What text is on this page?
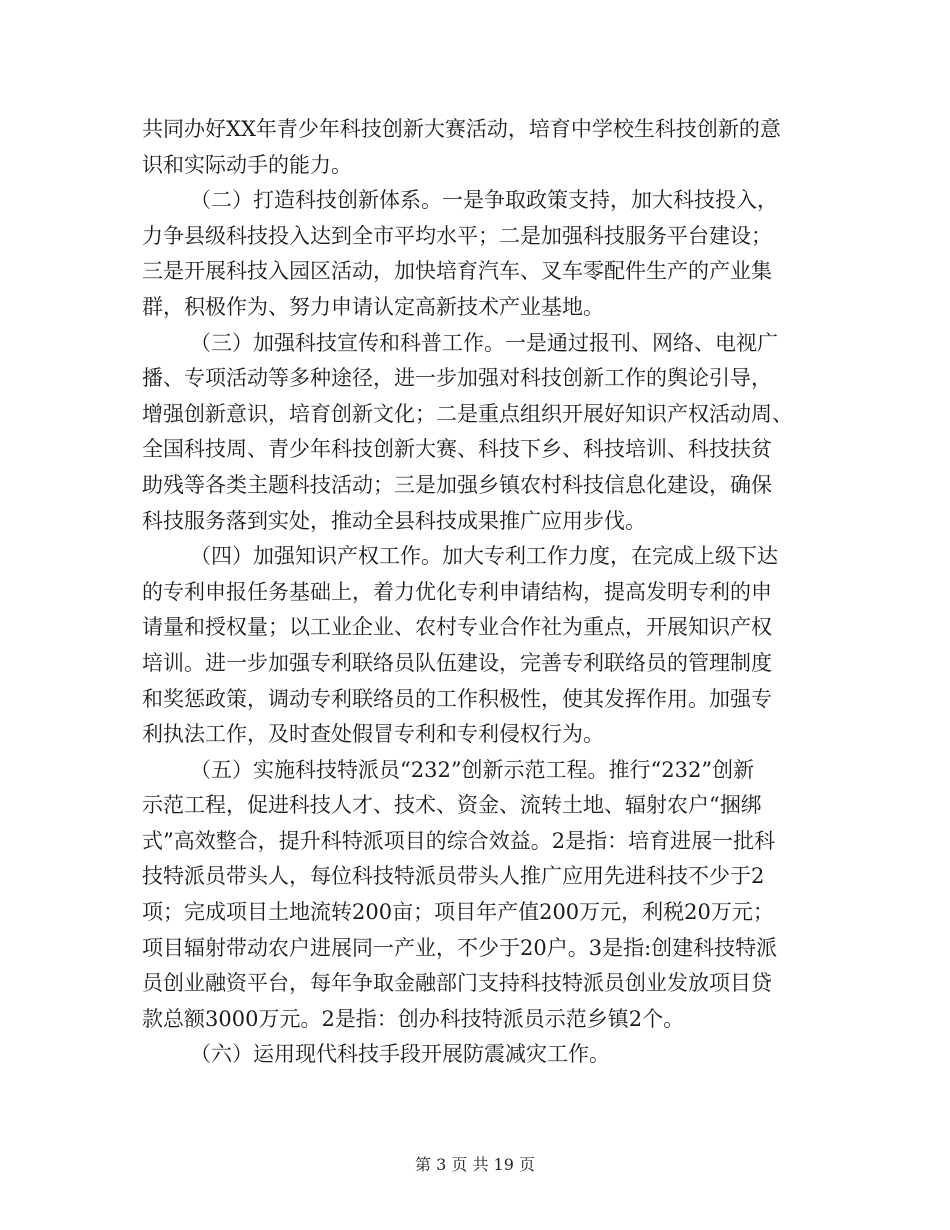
共同办好XX年青少年科技创新大赛活动，培育中学校生科技创新的意
识和实际动手的能力。
（二）打造科技创新体系。一是争取政策支持，加大科技投入，
力争县级科技投入达到全市平均水平；二是加强科技服务平台建设；
三是开展科技入园区活动，加快培育汽车、叉车零配件生产的产业集
群，积极作为、努力申请认定高新技术产业基地。
（三）加强科技宣传和科普工作。一是通过报刊、网络、电视广
播、专项活动等多种途径，进一步加强对科技创新工作的舆论引导，
增强创新意识，培育创新文化；二是重点组织开展好知识产权活动周、
全国科技周、青少年科技创新大赛、科技下乡、科技培训、科技扶贫
助残等各类主题科技活动；三是加强乡镇农村科技信息化建设，确保
科技服务落到实处，推动全县科技成果推广应用步伐。
（四）加强知识产权工作。加大专利工作力度，在完成上级下达
的专利申报任务基础上，着力优化专利申请结构，提高发明专利的申
请量和授权量；以工业企业、农村专业合作社为重点，开展知识产权
培训。进一步加强专利联络员队伍建设，完善专利联络员的管理制度
和奖惩政策，调动专利联络员的工作积极性，使其发挥作用。加强专
利执法工作，及时查处假冒专利和专利侵权行为。
（五）实施科技特派员“232”创新示范工程。推行“232”创新
示范工程，促进科技人才、技术、资金、流转土地、辐射农户“捆绑
式”高效整合，提升科特派项目的综合效益。2是指：培育进展一批科
技特派员带头人，每位科技特派员带头人推广应用先进科技不少于2
项；完成项目土地流转200亩；项目年产值200万元，利税20万元；
项目辐射带动农户进展同一产业，不少于20户。3是指:创建科技特派
员创业融资平台，每年争取金融部门支持科技特派员创业发放项目贷
款总额3000万元。2是指：创办科技特派员示范乡镇2个。
（六）运用现代科技手段开展防震减灾工作。
第 3 页 共 19 页
